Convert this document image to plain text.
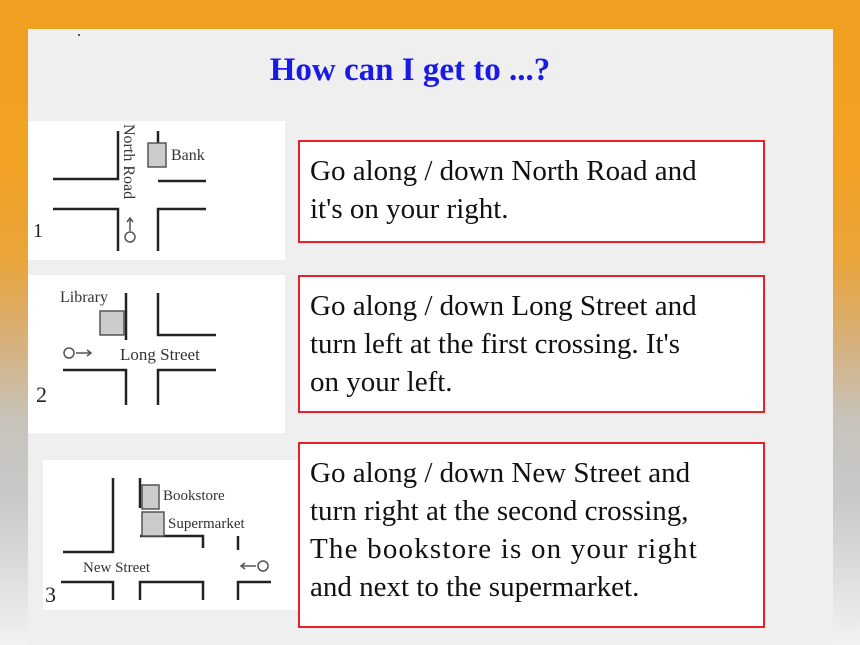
How can I get to ...?
1
North Road Bank
2
Long Street
Library
3
New Street
Bookstore
Supermarket
Go along / down North Road and
it's on your right.
Go along / down Long Street and
turn left at the first crossing. It's
on your left.
Go along / down New Street and
turn right at the second crossing,
The bookstore is on your right
and next to the supermarket.
